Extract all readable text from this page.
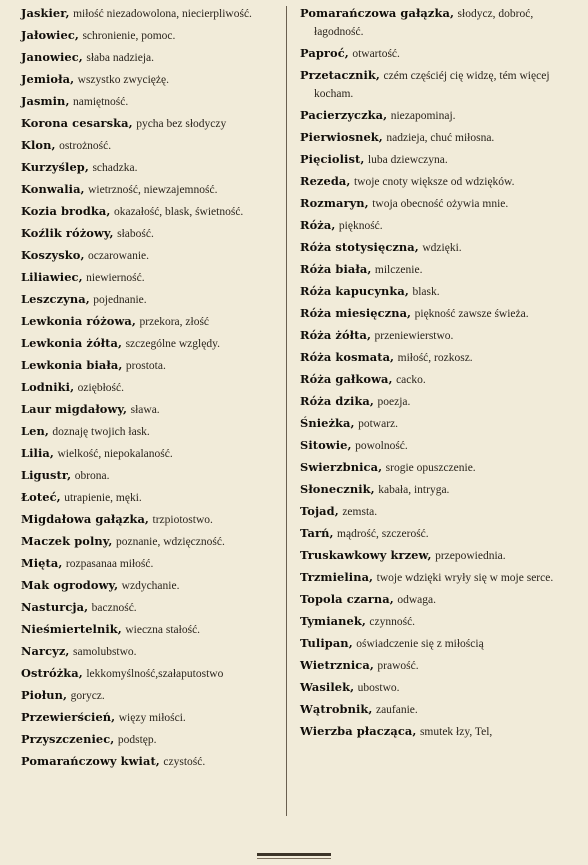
Jaskier, miłość niezadowolona, niecierpliwość.
Jałowiec, schronienie, pomoc.
Janowiec, słaba nadzieja.
Jemioła, wszystko zwyciężę.
Jasmin, namiętność.
Korona cesarska, pycha bez słodyczy
Klon, ostrożność.
Kurzyślep, schadzka.
Konwalia, wietrzność, niewzajemność.
Kozia brodka, okazałość, blask, świetność.
Koźlik różowy, słabość.
Koszysko, oczarowanie.
Liliawiec, niewierność.
Leszczyna, pojednanie.
Lewkonia różowa, przekora, złość
Lewkonia żółta, szczególne względy.
Lewkonia biała, prostota.
Lodniki, oziębłość.
Laur migdałowy, sława.
Len, doznaję twojich łask.
Lilia, wielkość, niepokalaność.
Ligustr, obrona.
Łoteć, utrapienie, męki.
Migdałowa gałązka, trzpiotostwo.
Maczek polny, poznanie, wdzięczność.
Mięta, rozpasanaa miłość.
Mak ogrodowy, wzdychanie.
Nasturcja, baczność.
Nieśmiertelnik, wieczna stałość.
Narcyz, samolubstwo.
Ostróżka, lekkomyślność,szałaputostwo
Piołun, gorycz.
Przewierścień, więzy miłości.
Przyszczeniec, podstęp.
Pomarańczowy kwiat, czystość.
Pomarańczowa gałązka, słodycz, dobroć, łagodność.
Paproć, otwartość.
Przetacznik, czém częściéj cię widzę, tém więcej kocham.
Pacierzyczka, niezapominaj.
Pierwiosnek, nadzieja, chuć miłosna.
Pięciolist, luba dziewczyna.
Rezeda, twoje cnoty większe od wdzięków.
Rozmaryn, twoja obecność ożywia mnie.
Róża, piękność.
Róża stotysięczna, wdzięki.
Róża biała, milczenie.
Róża kapucynka, blask.
Róża miesięczna, piękność zawsze świeża.
Róża żółta, przeniewierstwo.
Róża kosmata, miłość, rozkosz.
Róża gałkowa, cacko.
Róża dzika, poezja.
Śnieżka, potwarz.
Sitowie, powolność.
Swierzbnica, srogie opuszczenie.
Słonecznik, kabała, intryga.
Tojad, zemsta.
Tarń, mądrość, szczerość.
Truskawkowy krzew, przepowiednia.
Trzmielina, twoje wdzięki wryły się w moje serce.
Topola czarna, odwaga.
Tymianek, czynność.
Tulipan, oświadczenie się z miłością
Wietrznica, prawość.
Wasilek, ubostwo.
Wątrobnik, zaufanie.
Wierzba płacząca, smutek łzy, Tel,
